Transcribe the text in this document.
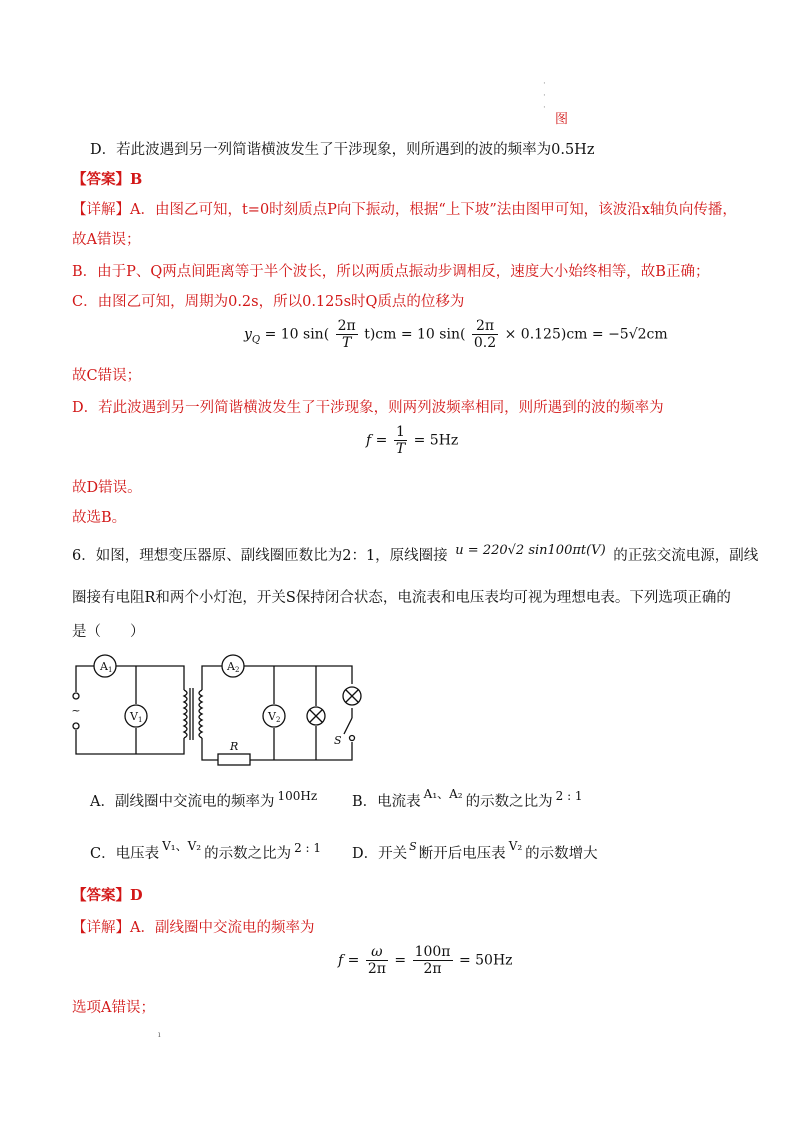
·
·
·
图
D．若此波遇到另一列简谐横波发生了干涉现象，则所遇到的波的频率为0.5Hz
【答案】B
【详解】A．由图乙可知，t=0时刻质点P向下振动，根据“上下坡”法由图甲可知，该波沿x轴负向传播，
故A错误；
B．由于P、Q两点间距离等于半个波长，所以两质点振动步调相反，速度大小始终相等，故B正确；
C．由图乙可知，周期为0.2s，所以0.125s时Q质点的位移为
$y_Q = 10$ $\sin( \frac{2\pi}{T} t)cm = 10$ $\sin( \frac{2\pi}{0.2} \times 0.125)cm = -5√2cm$
故C错误；
D．若此波遇到另一列简谐横波发生了干涉现象，则两列波频率相同，则所遇到的波的频率为
$f = \frac{1}{T} = 5Hz$
故D错误。
故选B。
6．如图，理想变压器原、副线圈匝数比为2：1，原线圈接 u = 220√2 sin100πt(V) 的正弦交流电源，副线
圈接有电阻R和两个小灯泡，开关S保持闭合状态，电流表和电压表均可视为理想电表。下列选项正确的
是（　　）
~
A 1
V 1
A 2
V 2
R	S
A．副线圈中交流电的频率为 $^{100Hz}$ B．电流表 $^{A_1、A_2}$ 的示数之比为 $^{2 : 1}$
C．电压表 $^{V_1、V_2}$ 的示数之比为 $^{2 : 1}$ D．开关 $^S$ 断开后电压表 $^{V_2}$ 的示数增大
【答案】D
【详解】A．副线圈中交流电的频率为
$f = \frac{\omega}{2\pi} = \frac{100\pi}{2\pi} = 50Hz$
选项A错误；
ı
